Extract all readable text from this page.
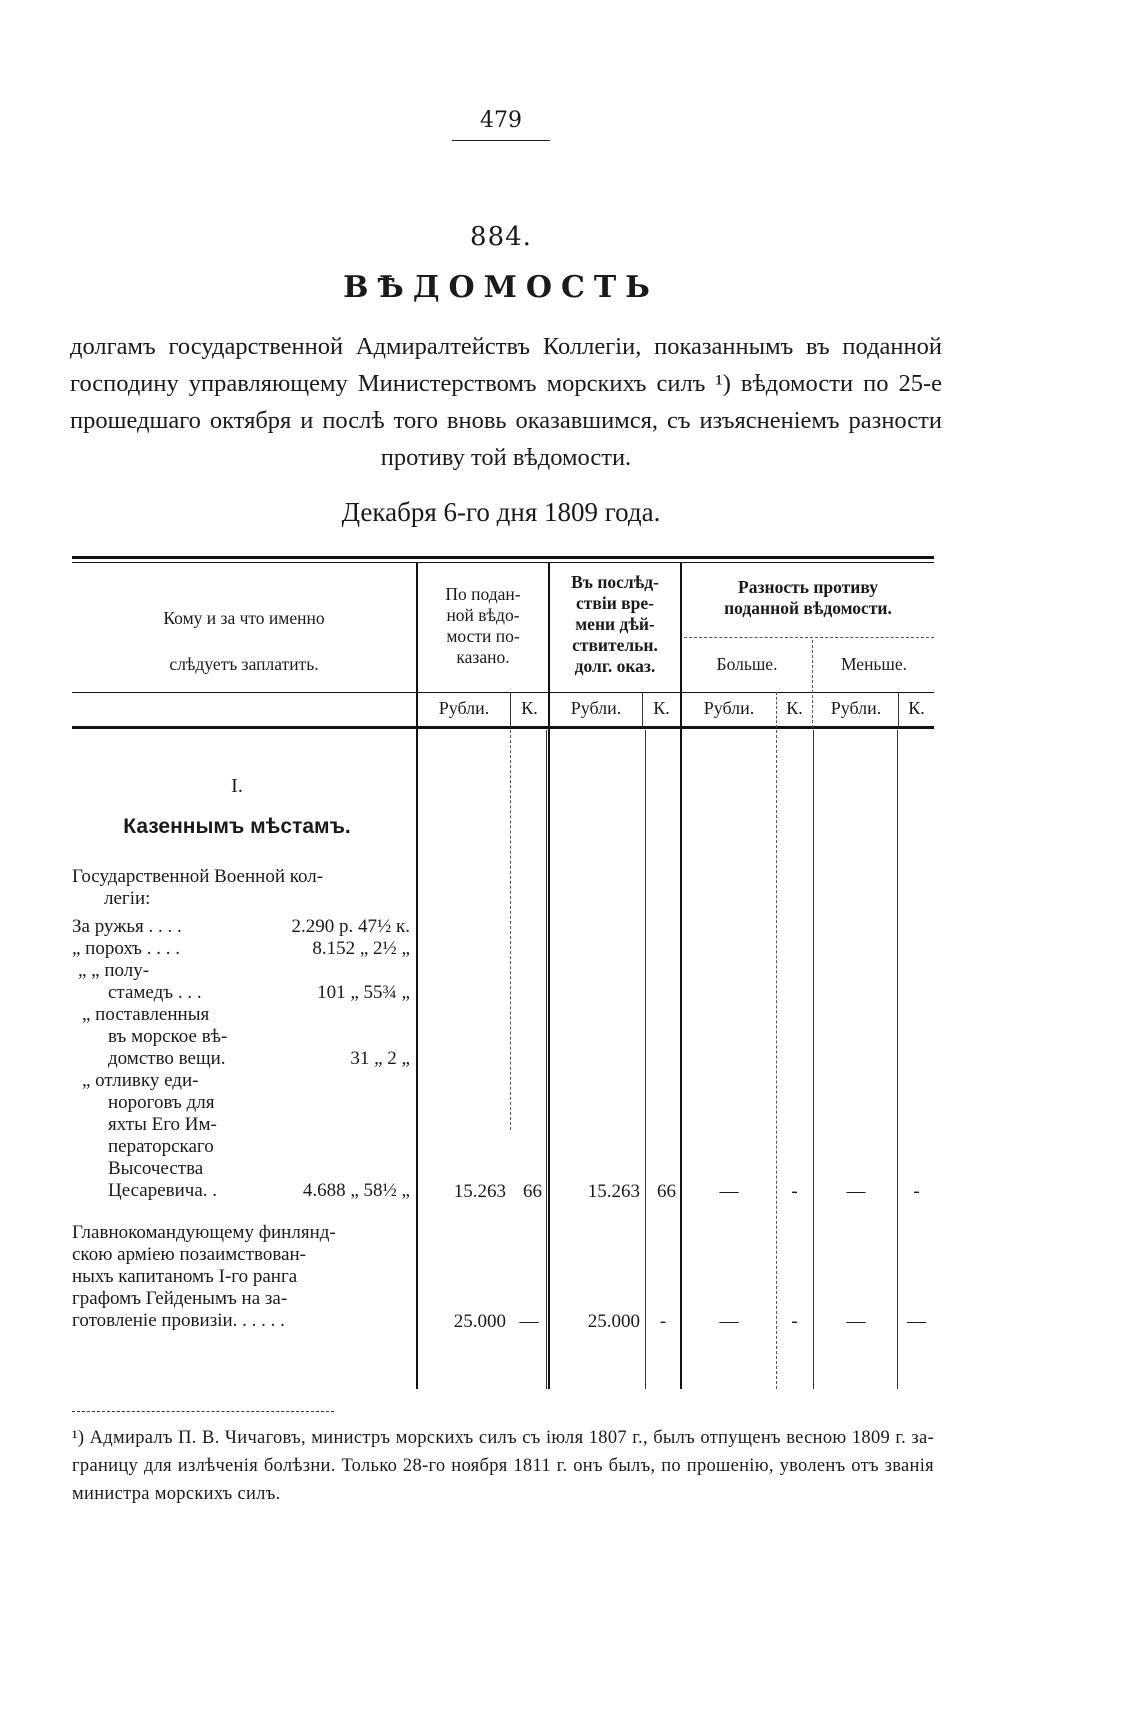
479
884.
ВѢДОМОСТЬ
долгамъ государственной Адмиралтействъ Коллегіи, показаннымъ въ поданной господину управляющему Министерствомъ морскихъ силъ ¹) вѣдомости по 25-е прошедшаго октября и послѣ того вновь оказавшимся, съ изъясненіемъ разности противу той вѣдомости.
Декабря 6-го дня 1809 года.
Кому и за что именно
слѣдуетъ заплатить.
По подан-
ной вѣдо-
мости по-
казано.
Въ послѣд-
ствіи вре-
мени дѣй-
ствительн.
долг. оказ.
Разность противу
поданной вѣдомости.
Больше.	Меньше.
Рубли.	К.	Рубли.	К.	Рубли.	К.	Рубли.	К.
I.
Казеннымъ мѣстамъ.
Государственной Военной кол-
легіи:
За ружья . . . .	2.290 р. 47½ к.
„ порохъ . . . .	8.152 „ 2½ „
„ „ полу-
стамедъ . . .	101 „ 55¾ „
„ поставленныя
въ морское вѣ-
домство вещи.	31 „ 2 „
„ отливку еди-
нороговъ для
яхты Его Им-
ператорскаго
Высочества
Цесаревича. .	4.688 „ 58½ „	15.263 66	15.263 66	—	-	—	-
Главнокомандующему финлянд-
скою арміею позаимствован-
ныхъ капитаномъ I-го ранга
графомъ Гейденымъ на за-
готовленіе провизіи. . . . . .	25.000 —	25.000	-	—	-	—	—
¹) Адмиралъ П. В. Чичаговъ, министръ морскихъ силъ съ іюля 1807 г., былъ отпущенъ весною 1809 г. за-границу для излѣченія болѣзни. Только 28-го ноября 1811 г. онъ былъ, по прошенію, уволенъ отъ званія министра морскихъ силъ.
